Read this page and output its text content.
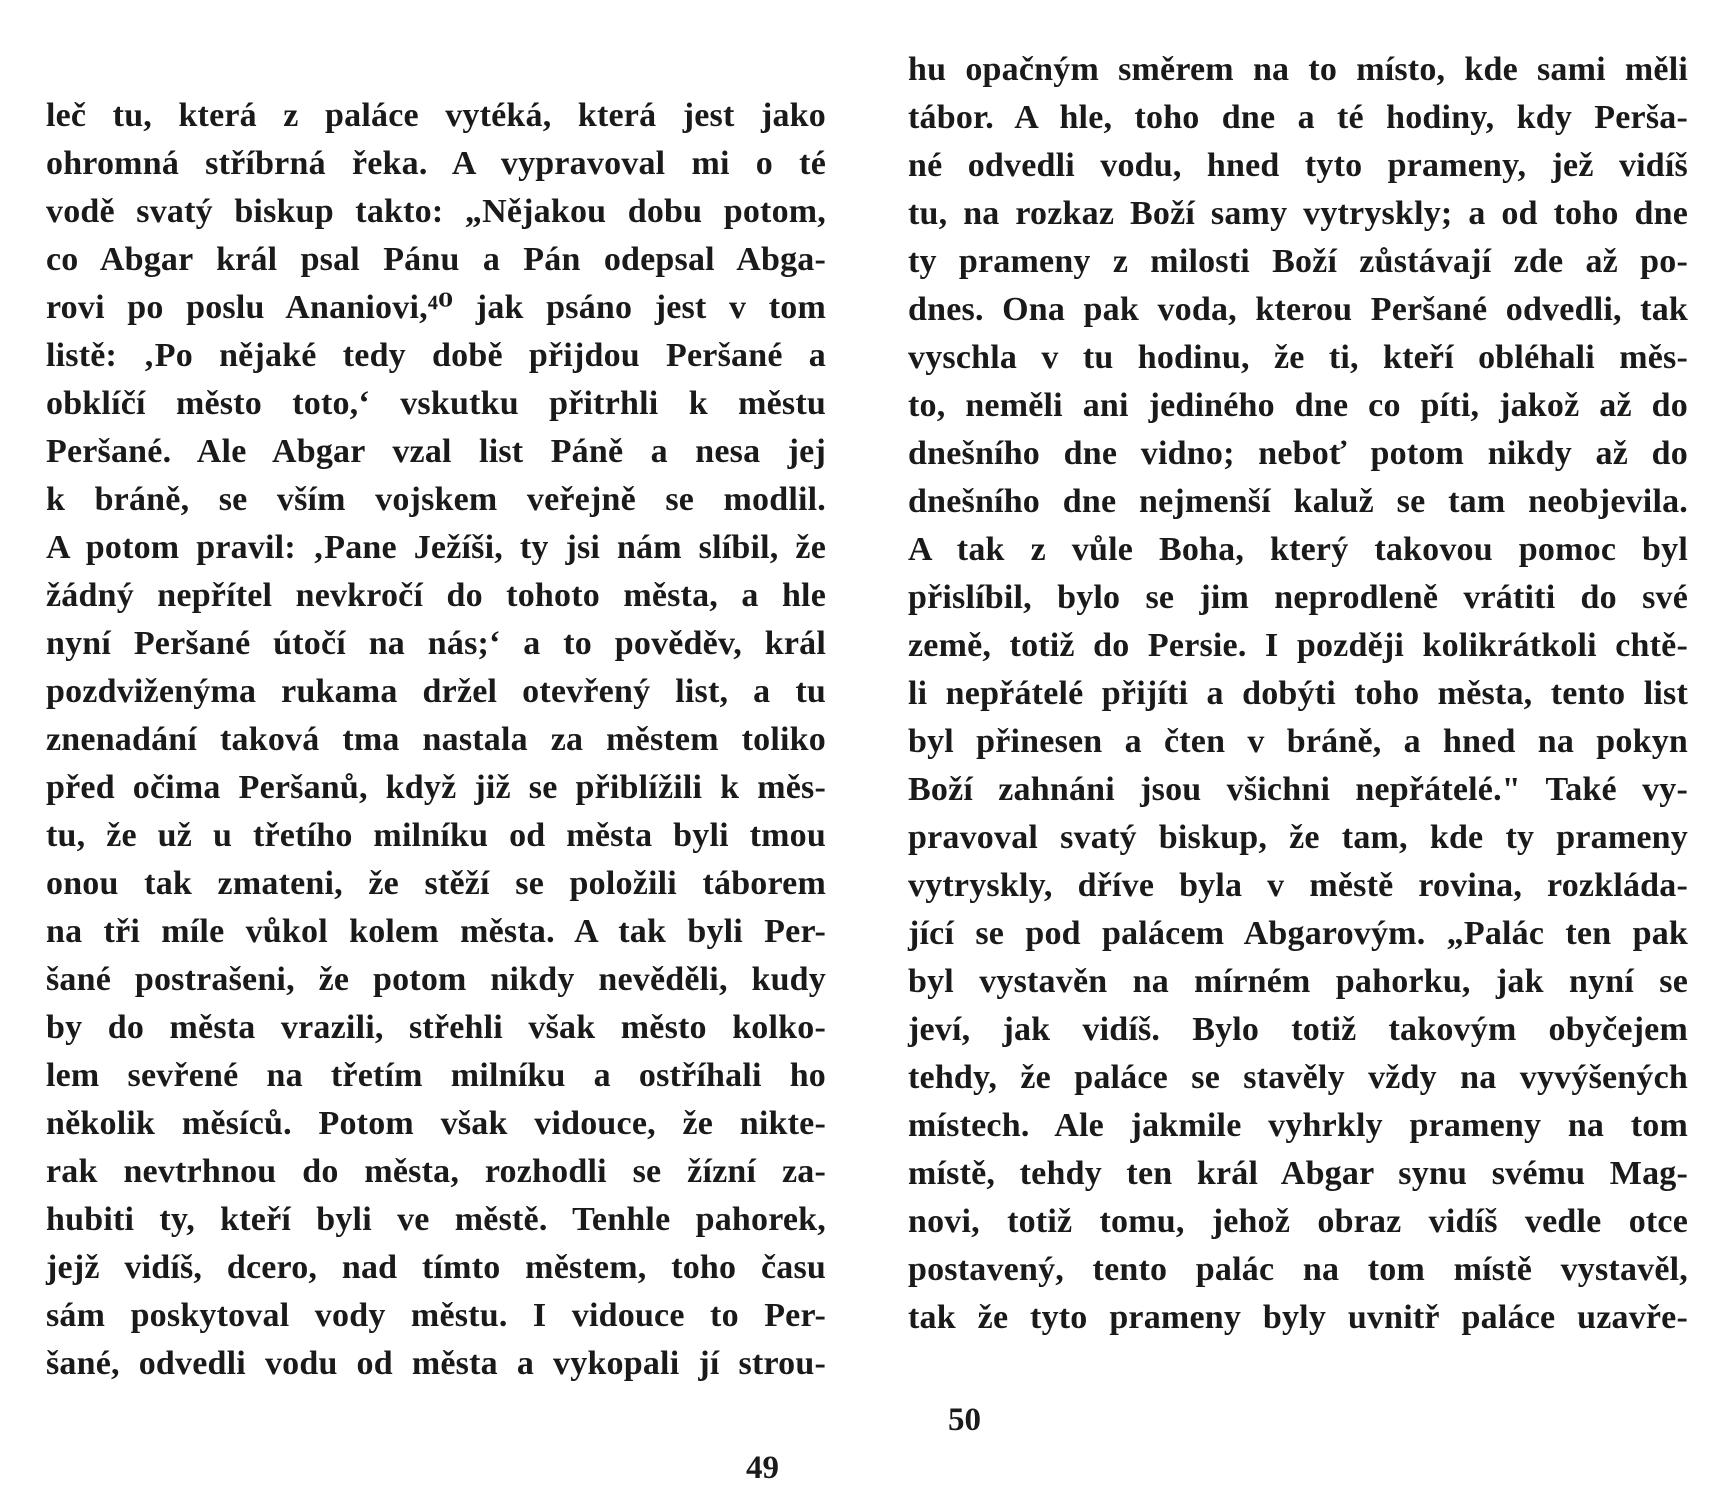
leč tu, která z paláce vytéká, která jest jako
ohromná stříbrná řeka. A vypravoval mi o té
vodě svatý biskup takto: „Nějakou dobu potom,
co Abgar král psal Pánu a Pán odepsal Abga-
rovi po poslu Ananiovi,⁴⁰ jak psáno jest v tom
listě: ‚Po nějaké tedy době přijdou Peršané a
obklíčí město toto,‘ vskutku přitrhli k městu
Peršané. Ale Abgar vzal list Páně a nesa jej
k bráně, se vším vojskem veřejně se modlil.
A potom pravil: ‚Pane Ježíši, ty jsi nám slíbil, že
žádný nepřítel nevkročí do tohoto města, a hle
nyní Peršané útočí na nás;‘ a to pověděv, král
pozdviženýma rukama držel otevřený list, a tu
znenadání taková tma nastala za městem toliko
před očima Peršanů, když již se přiblížili k měs-
tu, že už u třetího milníku od města byli tmou
onou tak zmateni, že stěží se položili táborem
na tři míle vůkol kolem města. A tak byli Per-
šané postrašeni, že potom nikdy nevěděli, kudy
by do města vrazili, střehli však město kolko-
lem sevřené na třetím milníku a ostříhali ho
několik měsíců. Potom však vidouce, že nikte-
rak nevtrhnou do města, rozhodli se žízní za-
hubiti ty, kteří byli ve městě. Tenhle pahorek,
jejž vidíš, dcero, nad tímto městem, toho času
sám poskytoval vody městu. I vidouce to Per-
šané, odvedli vodu od města a vykopali jí strou-
49
hu opačným směrem na to místo, kde sami měli
tábor. A hle, toho dne a té hodiny, kdy Perša-
né odvedli vodu, hned tyto prameny, jež vidíš
tu, na rozkaz Boží samy vytryskly; a od toho dne
ty prameny z milosti Boží zůstávají zde až po-
dnes. Ona pak voda, kterou Peršané odvedli, tak
vyschla v tu hodinu, že ti, kteří obléhali měs-
to, neměli ani jediného dne co píti, jakož až do
dnešního dne vidno; neboť potom nikdy až do
dnešního dne nejmenší kaluž se tam neobjevila.
A tak z vůle Boha, který takovou pomoc byl
přislíbil, bylo se jim neprodleně vrátiti do své
země, totiž do Persie. I později kolikrátkoli chtě-
li nepřátelé přijíti a dobýti toho města, tento list
byl přinesen a čten v bráně, a hned na pokyn
Boží zahnáni jsou všichni nepřátelé." Také vy-
pravoval svatý biskup, že tam, kde ty prameny
vytryskly, dříve byla v městě rovina, rozkláda-
jící se pod palácem Abgarovým. „Palác ten pak
byl vystavěn na mírném pahorku, jak nyní se
jeví, jak vidíš. Bylo totiž takovým obyčejem
tehdy, že paláce se stavěly vždy na vyvýšených
místech. Ale jakmile vyhrkly prameny na tom
místě, tehdy ten král Abgar synu svému Mag-
novi, totiž tomu, jehož obraz vidíš vedle otce
postavený, tento palác na tom místě vystavěl,
tak že tyto prameny byly uvnitř paláce uzavře-
50
